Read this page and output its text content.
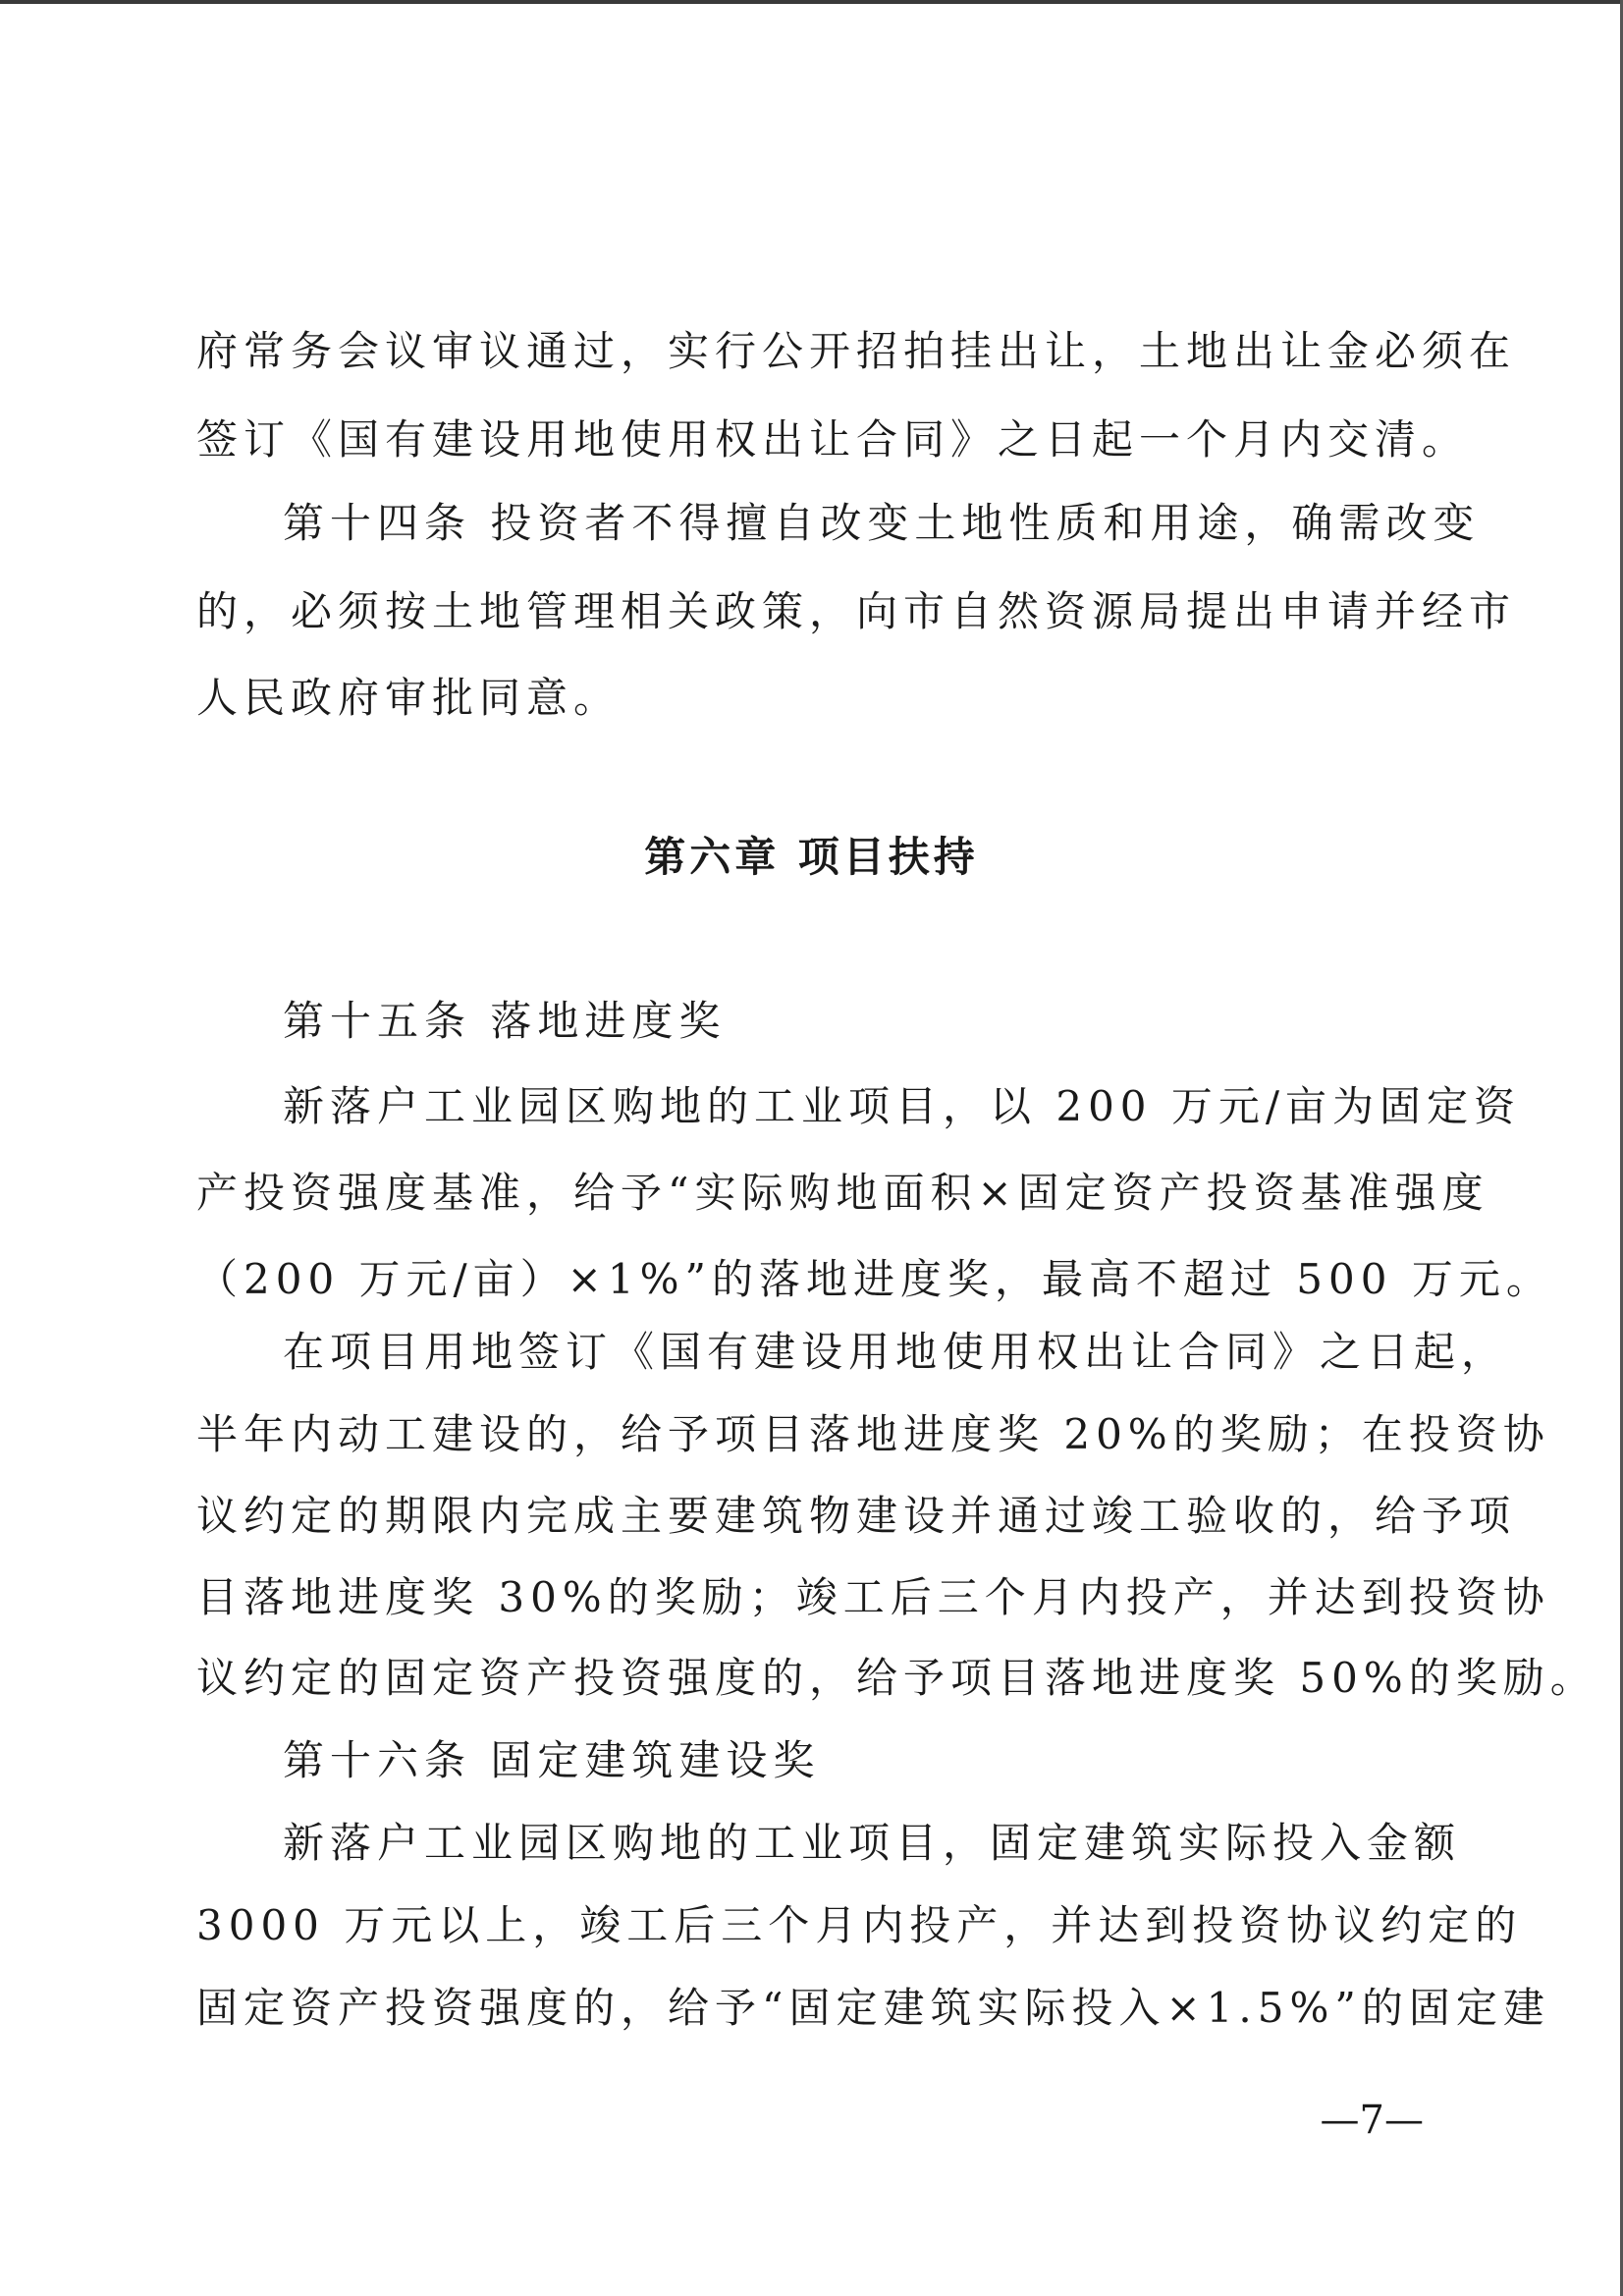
府常务会议审议通过，实行公开招拍挂出让，土地出让金必须在
签订《国有建设用地使用权出让合同》之日起一个月内交清。
第十四条 投资者不得擅自改变土地性质和用途，确需改变
的，必须按土地管理相关政策，向市自然资源局提出申请并经市
人民政府审批同意。
第六章 项目扶持
第十五条 落地进度奖
新落户工业园区购地的工业项目，以 200 万元/亩为固定资
产投资强度基准，给予“实际购地面积×固定资产投资基准强度
（200 万元/亩）×1%”的落地进度奖，最高不超过 500 万元。
在项目用地签订《国有建设用地使用权出让合同》之日起，
半年内动工建设的，给予项目落地进度奖 20%的奖励；在投资协
议约定的期限内完成主要建筑物建设并通过竣工验收的，给予项
目落地进度奖 30%的奖励；竣工后三个月内投产，并达到投资协
议约定的固定资产投资强度的，给予项目落地进度奖 50%的奖励。
第十六条 固定建筑建设奖
新落户工业园区购地的工业项目，固定建筑实际投入金额
3000 万元以上，竣工后三个月内投产，并达到投资协议约定的
固定资产投资强度的，给予“固定建筑实际投入×1.5%”的固定建
—7—
